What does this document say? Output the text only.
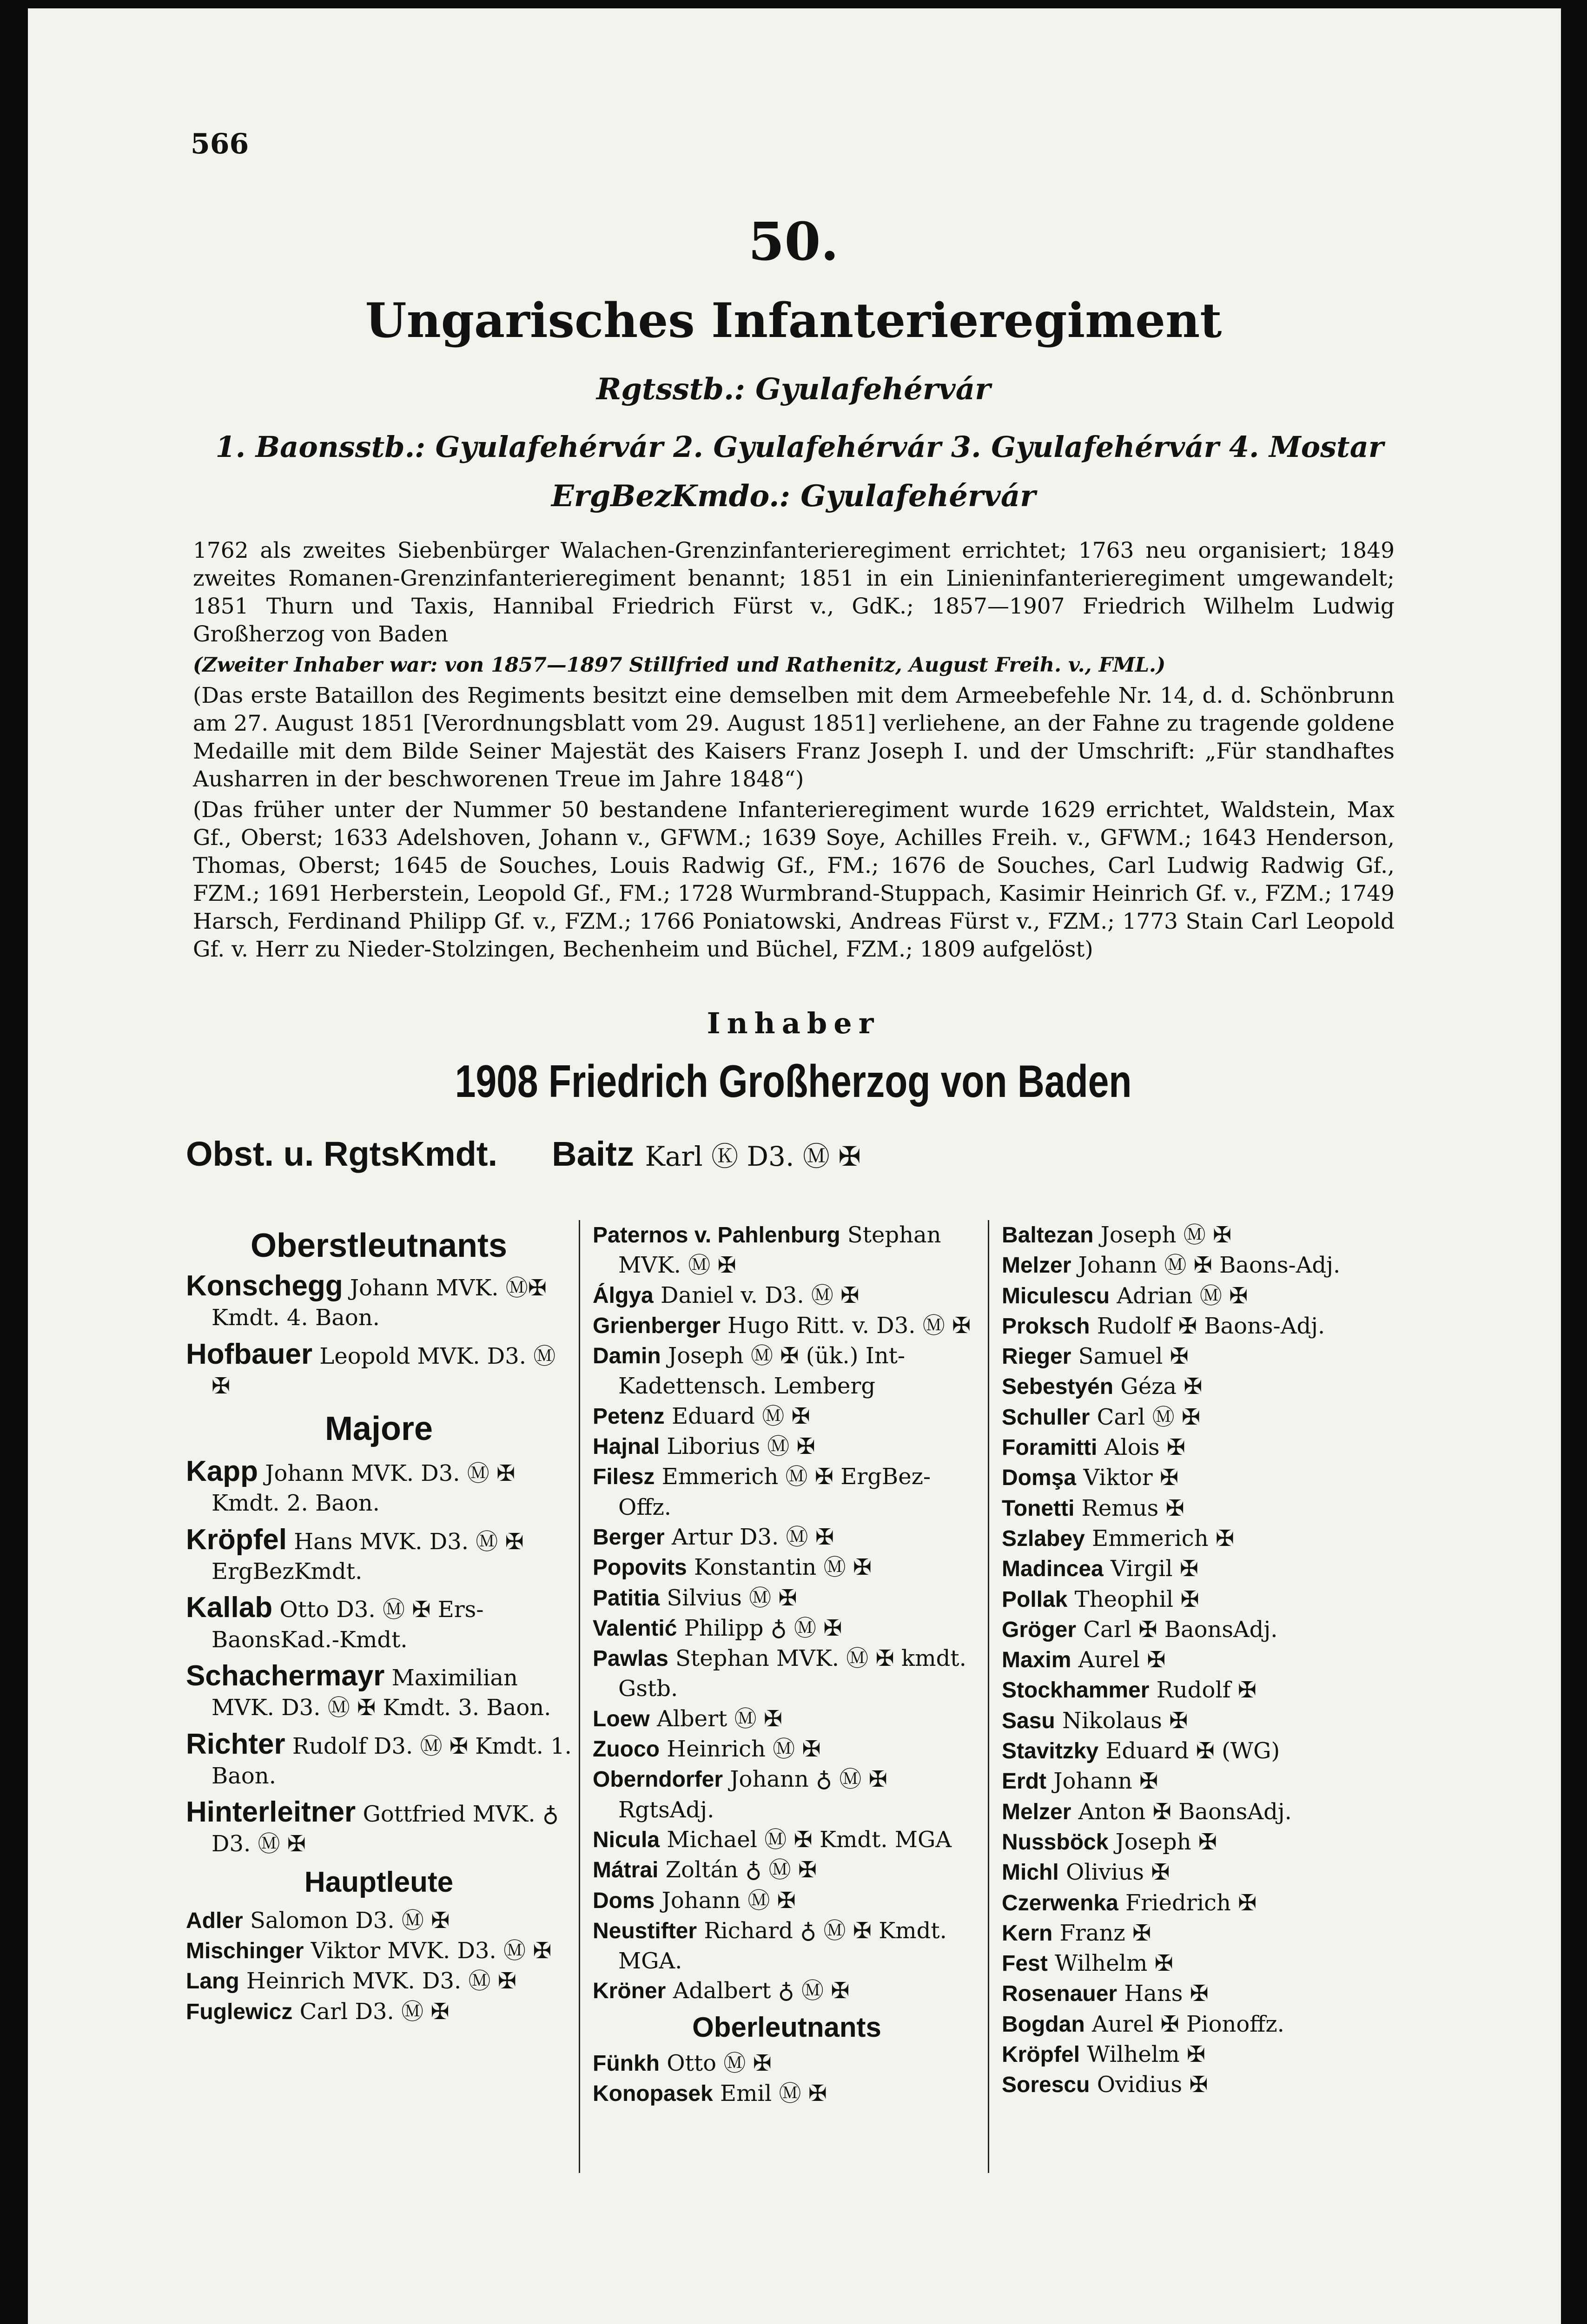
566
50.
Ungarisches Infanterieregiment
Rgtsstb.: Gyulafehérvár
1. Baonsstb.: Gyulafehérvár 2. Gyulafehérvár 3. Gyulafehérvár 4. Mostar
ErgBezKmdo.: Gyulafehérvár

1762 als zweites Siebenbürger Walachen-Grenzinfanterieregiment errichtet; 1763 neu organisiert; 1849 zweites Romanen-Grenzinfanterieregiment benannt; 1851 in ein Linieninfanterieregiment umgewandelt; 1851 Thurn und Taxis, Hannibal Friedrich Fürst v., GdK.; 1857—1907 Friedrich Wilhelm Ludwig Großherzog von Baden

(Zweiter Inhaber war: von 1857—1897 Stillfried und Rathenitz, August Freih. v., FML.)

(Das erste Bataillon des Regiments besitzt eine demselben mit dem Armeebefehle Nr. 14, d. d. Schönbrunn am 27. August 1851 [Verordnungsblatt vom 29. August 1851] verliehene, an der Fahne zu tragende goldene Medaille mit dem Bilde Seiner Majestät des Kaisers Franz Joseph I. und der Umschrift: „Für standhaftes Ausharren in der beschworenen Treue im Jahre 1848“)

(Das früher unter der Nummer 50 bestandene Infanterieregiment wurde 1629 errichtet, Waldstein, Max Gf., Oberst; 1633 Adelshoven, Johann v., GFWM.; 1639 Soye, Achilles Freih. v., GFWM.; 1643 Henderson, Thomas, Oberst; 1645 de Souches, Louis Radwig Gf., FM.; 1676 de Souches, Carl Ludwig Radwig Gf., FZM.; 1691 Herberstein, Leopold Gf., FM.; 1728 Wurmbrand-Stuppach, Kasimir Heinrich Gf. v., FZM.; 1749 Harsch, Ferdinand Philipp Gf. v., FZM.; 1766 Poniatowski, Andreas Fürst v., FZM.; 1773 Stain Carl Leopold Gf. v. Herr zu Nieder-Stolzingen, Bechenheim und Büchel, FZM.; 1809 aufgelöst)

Inhaber
1908 Friedrich Großherzog von Baden
Obst. u. RgtsKmdt. Baitz Karl Ⓚ D3. Ⓜ ✠
Oberstleutnants

Konschegg Johann MVK. Ⓜ✠ Kmdt. 4. Baon.

Hofbauer Leopold MVK. D3. Ⓜ ✠

Majore

Kapp Johann MVK. D3. Ⓜ ✠ Kmdt. 2. Baon.

Kröpfel Hans MVK. D3. Ⓜ ✠ ErgBezKmdt.

Kallab Otto D3. Ⓜ ✠ Ers-BaonsKad.-Kmdt.

Schachermayr Maximilian MVK. D3. Ⓜ ✠ Kmdt. 3. Baon.

Richter Rudolf D3. Ⓜ ✠ Kmdt. 1. Baon.

Hinterleitner Gottfried MVK. ♁ D3. Ⓜ ✠

Hauptleute

Adler Salomon D3. Ⓜ ✠

Mischinger Viktor MVK. D3. Ⓜ ✠

Lang Heinrich MVK. D3. Ⓜ ✠

Fuglewicz Carl D3. Ⓜ ✠

Paternos v. Pahlenburg Stephan MVK. Ⓜ ✠

Álgya Daniel v. D3. Ⓜ ✠

Grienberger Hugo Ritt. v. D3. Ⓜ ✠

Damin Joseph Ⓜ ✠ (ük.) Int-Kadettensch. Lemberg

Petenz Eduard Ⓜ ✠

Hajnal Liborius Ⓜ ✠

Filesz Emmerich Ⓜ ✠ ErgBez-Offz.

Berger Artur D3. Ⓜ ✠

Popovits Konstantin Ⓜ ✠

Patitia Silvius Ⓜ ✠

Valentić Philipp ♁ Ⓜ ✠

Pawlas Stephan MVK. Ⓜ ✠ kmdt. Gstb.

Loew Albert Ⓜ ✠

Zuoco Heinrich Ⓜ ✠

Oberndorfer Johann ♁ Ⓜ ✠ RgtsAdj.

Nicula Michael Ⓜ ✠ Kmdt. MGA

Mátrai Zoltán ♁ Ⓜ ✠

Doms Johann Ⓜ ✠

Neustifter Richard ♁ Ⓜ ✠ Kmdt. MGA.

Kröner Adalbert ♁ Ⓜ ✠

Oberleutnants

Fünkh Otto Ⓜ ✠

Konopasek Emil Ⓜ ✠

Baltezan Joseph Ⓜ ✠

Melzer Johann Ⓜ ✠ Baons-Adj.

Miculescu Adrian Ⓜ ✠

Proksch Rudolf ✠ Baons-Adj.

Rieger Samuel ✠

Sebestyén Géza ✠

Schuller Carl Ⓜ ✠

Foramitti Alois ✠

Domşa Viktor ✠

Tonetti Remus ✠

Szlabey Emmerich ✠

Madincea Virgil ✠

Pollak Theophil ✠

Gröger Carl ✠ BaonsAdj.

Maxim Aurel ✠

Stockhammer Rudolf ✠

Sasu Nikolaus ✠

Stavitzky Eduard ✠ (WG)

Erdt Johann ✠

Melzer Anton ✠ BaonsAdj.

Nussböck Joseph ✠

Michl Olivius ✠

Czerwenka Friedrich ✠

Kern Franz ✠

Fest Wilhelm ✠

Rosenauer Hans ✠

Bogdan Aurel ✠ Pionoffz.

Kröpfel Wilhelm ✠

Sorescu Ovidius ✠
